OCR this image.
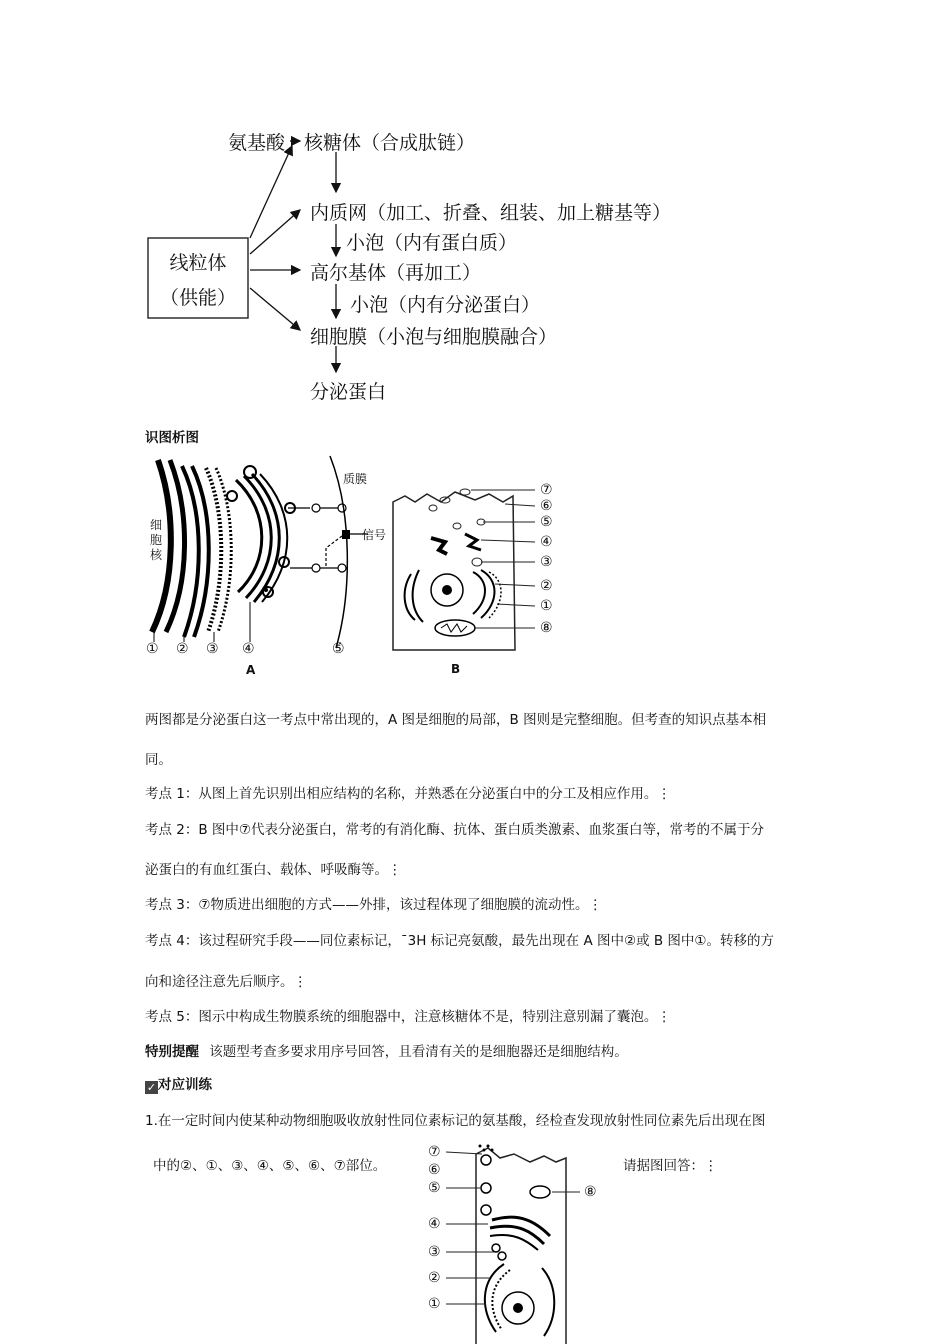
线粒体
（供能）
氨基酸 核糖体（合成肽链）
内质网（加工、折叠、组装、加上糖基等）
小泡（内有蛋白质）
高尔基体（再加工）
小泡（内有分泌蛋白）
细胞膜（小泡与细胞膜融合）
分泌蛋白
识图析图
细胞核
质膜
信号
① ② ③ ④	⑤
A
⑦
⑥
⑤
④
③
②
①
⑧
B
两图都是分泌蛋白这一考点中常出现的，A 图是细胞的局部，B 图则是完整细胞。但考查的知识点基本相
同。
考点 1：从图上首先识别出相应结构的名称，并熟悉在分泌蛋白中的分工及相应作用。⋮
考点 2：B 图中⑦代表分泌蛋白，常考的有消化酶、抗体、蛋白质类激素、血浆蛋白等，常考的不属于分
泌蛋白的有血红蛋白、载体、呼吸酶等。⋮
考点 3：⑦物质进出细胞的方式——外排，该过程体现了细胞膜的流动性。⋮
考点 4：该过程研究手段——同位素标记，ˉ3H 标记亮氨酸，最先出现在 A 图中②或 B 图中①。转移的方
向和途径注意先后顺序。⋮
考点 5：图示中构成生物膜系统的细胞器中，注意核糖体不是，特别注意别漏了囊泡。⋮
特别提醒 该题型考查多要求用序号回答，且看清有关的是细胞器还是细胞结构。
✓ 对应训练
1.在一定时间内使某种动物细胞吸收放射性同位素标记的氨基酸，经检查发现放射性同位素先后出现在图
中的②、①、③、④、⑤、⑥、⑦部位。	请据图回答：⋮
⑦
⑥
⑤
④
③
②
①
⑧
